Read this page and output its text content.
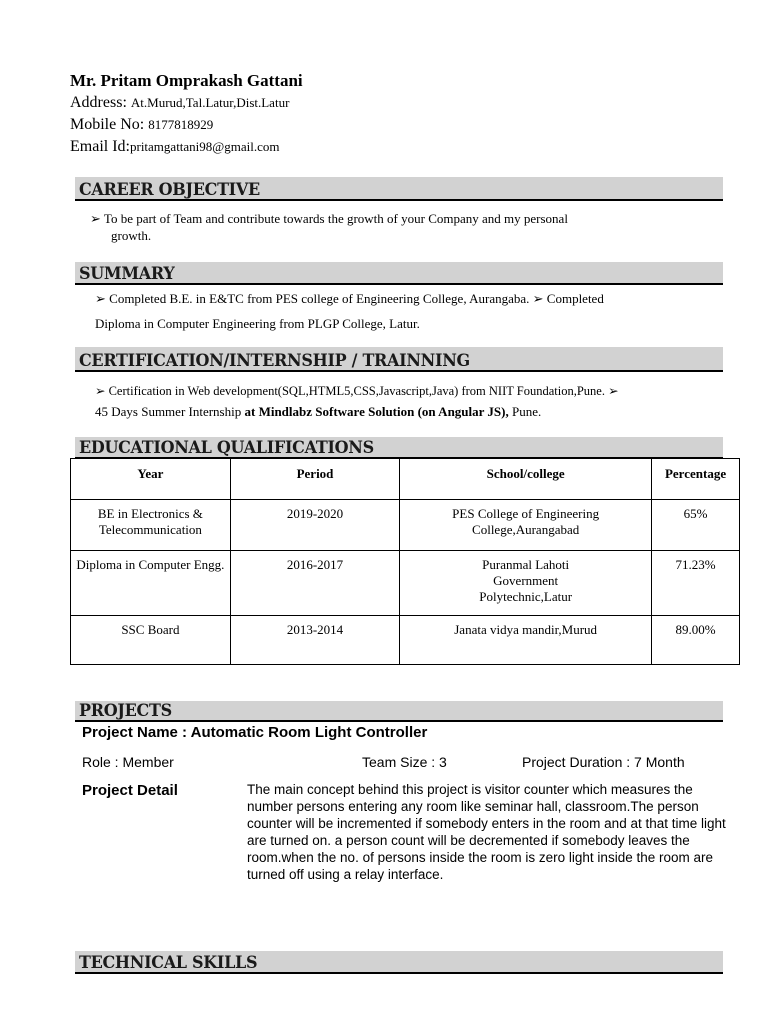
Mr. Pritam Omprakash Gattani
Address: At.Murud,Tal.Latur,Dist.Latur
Mobile No: 8177818929
Email Id:pritamgattani98@gmail.com
CAREER OBJECTIVE
➢ To be part of Team and contribute towards the growth of your Company and my personal
growth.
SUMMARY
➢ Completed B.E. in E&TC from PES college of Engineering College, Aurangaba. ➢ Completed
Diploma in Computer Engineering from PLGP College, Latur.
CERTIFICATION/INTERNSHIP / TRAINNING
➢ Certification in Web development(SQL,HTML5,CSS,Javascript,Java) from NIIT Foundation,Pune. ➢
45 Days Summer Internship at Mindlabz Software Solution (on Angular JS), Pune.
EDUCATIONAL QUALIFICATIONS
Year	Period	School/college	Percentage
BE in Electronics & Telecommunication	2019-2020	PES College of Engineering College,Aurangabad	65%
Diploma in Computer Engg.	2016-2017	Puranmal Lahoti Government Polytechnic,Latur	71.23%
SSC Board	2013-2014	Janata vidya mandir,Murud	89.00%
PROJECTS
Project Name : Automatic Room Light Controller
Role : Member	Team Size : 3	Project Duration : 7 Month
Project Detail	The main concept behind this project is visitor counter which measures the number persons entering any room like seminar hall, classroom.The person counter will be incremented if somebody enters in the room and at that time light are turned on. a person count will be decremented if somebody leaves the room.when the no. of persons inside the room is zero light inside the room are turned off using a relay interface.
TECHNICAL SKILLS
